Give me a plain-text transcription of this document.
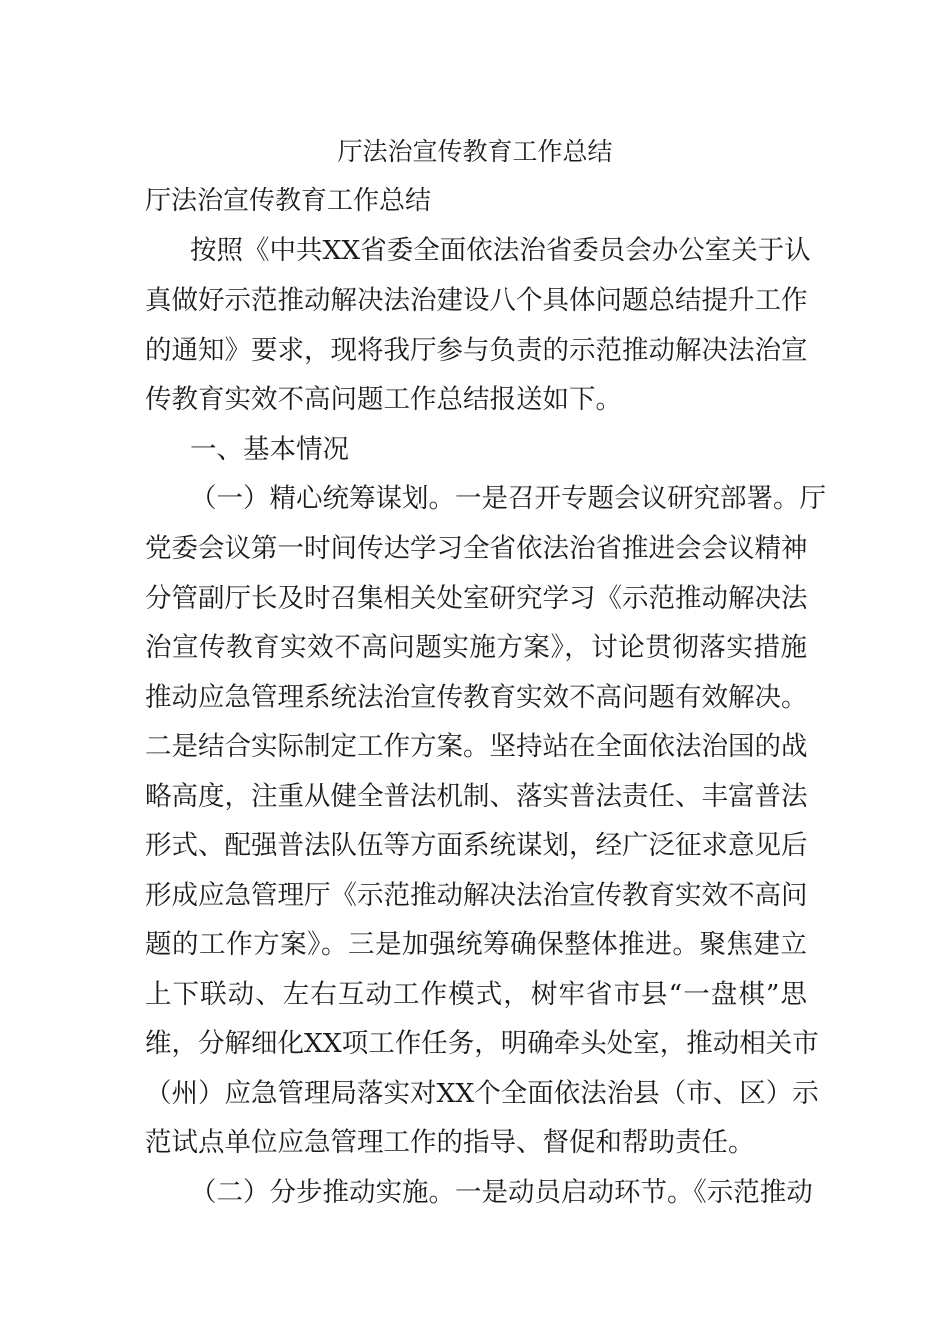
厅法治宣传教育工作总结
厅法治宣传教育工作总结
按照《中共XX省委全面依法治省委员会办公室关于认
真做好示范推动解决法治建设八个具体问题总结提升工作
的通知》要求，现将我厅参与负责的示范推动解决法治宣
传教育实效不高问题工作总结报送如下。
一、基本情况
（一）精心统筹谋划。一是召开专题会议研究部署。厅
党委会议第一时间传达学习全省依法治省推进会会议精神
分管副厅长及时召集相关处室研究学习《示范推动解决法
治宣传教育实效不高问题实施方案》，讨论贯彻落实措施
推动应急管理系统法治宣传教育实效不高问题有效解决。
二是结合实际制定工作方案。坚持站在全面依法治国的战
略高度，注重从健全普法机制、落实普法责任、丰富普法
形式、配强普法队伍等方面系统谋划，经广泛征求意见后
形成应急管理厅《示范推动解决法治宣传教育实效不高问
题的工作方案》。三是加强统筹确保整体推进。聚焦建立
上下联动、左右互动工作模式，树牢省市县“一盘棋”思
维，分解细化XX项工作任务，明确牵头处室，推动相关市
（州）应急管理局落实对XX个全面依法治县（市、区）示
范试点单位应急管理工作的指导、督促和帮助责任。
（二）分步推动实施。一是动员启动环节。《示范推动
